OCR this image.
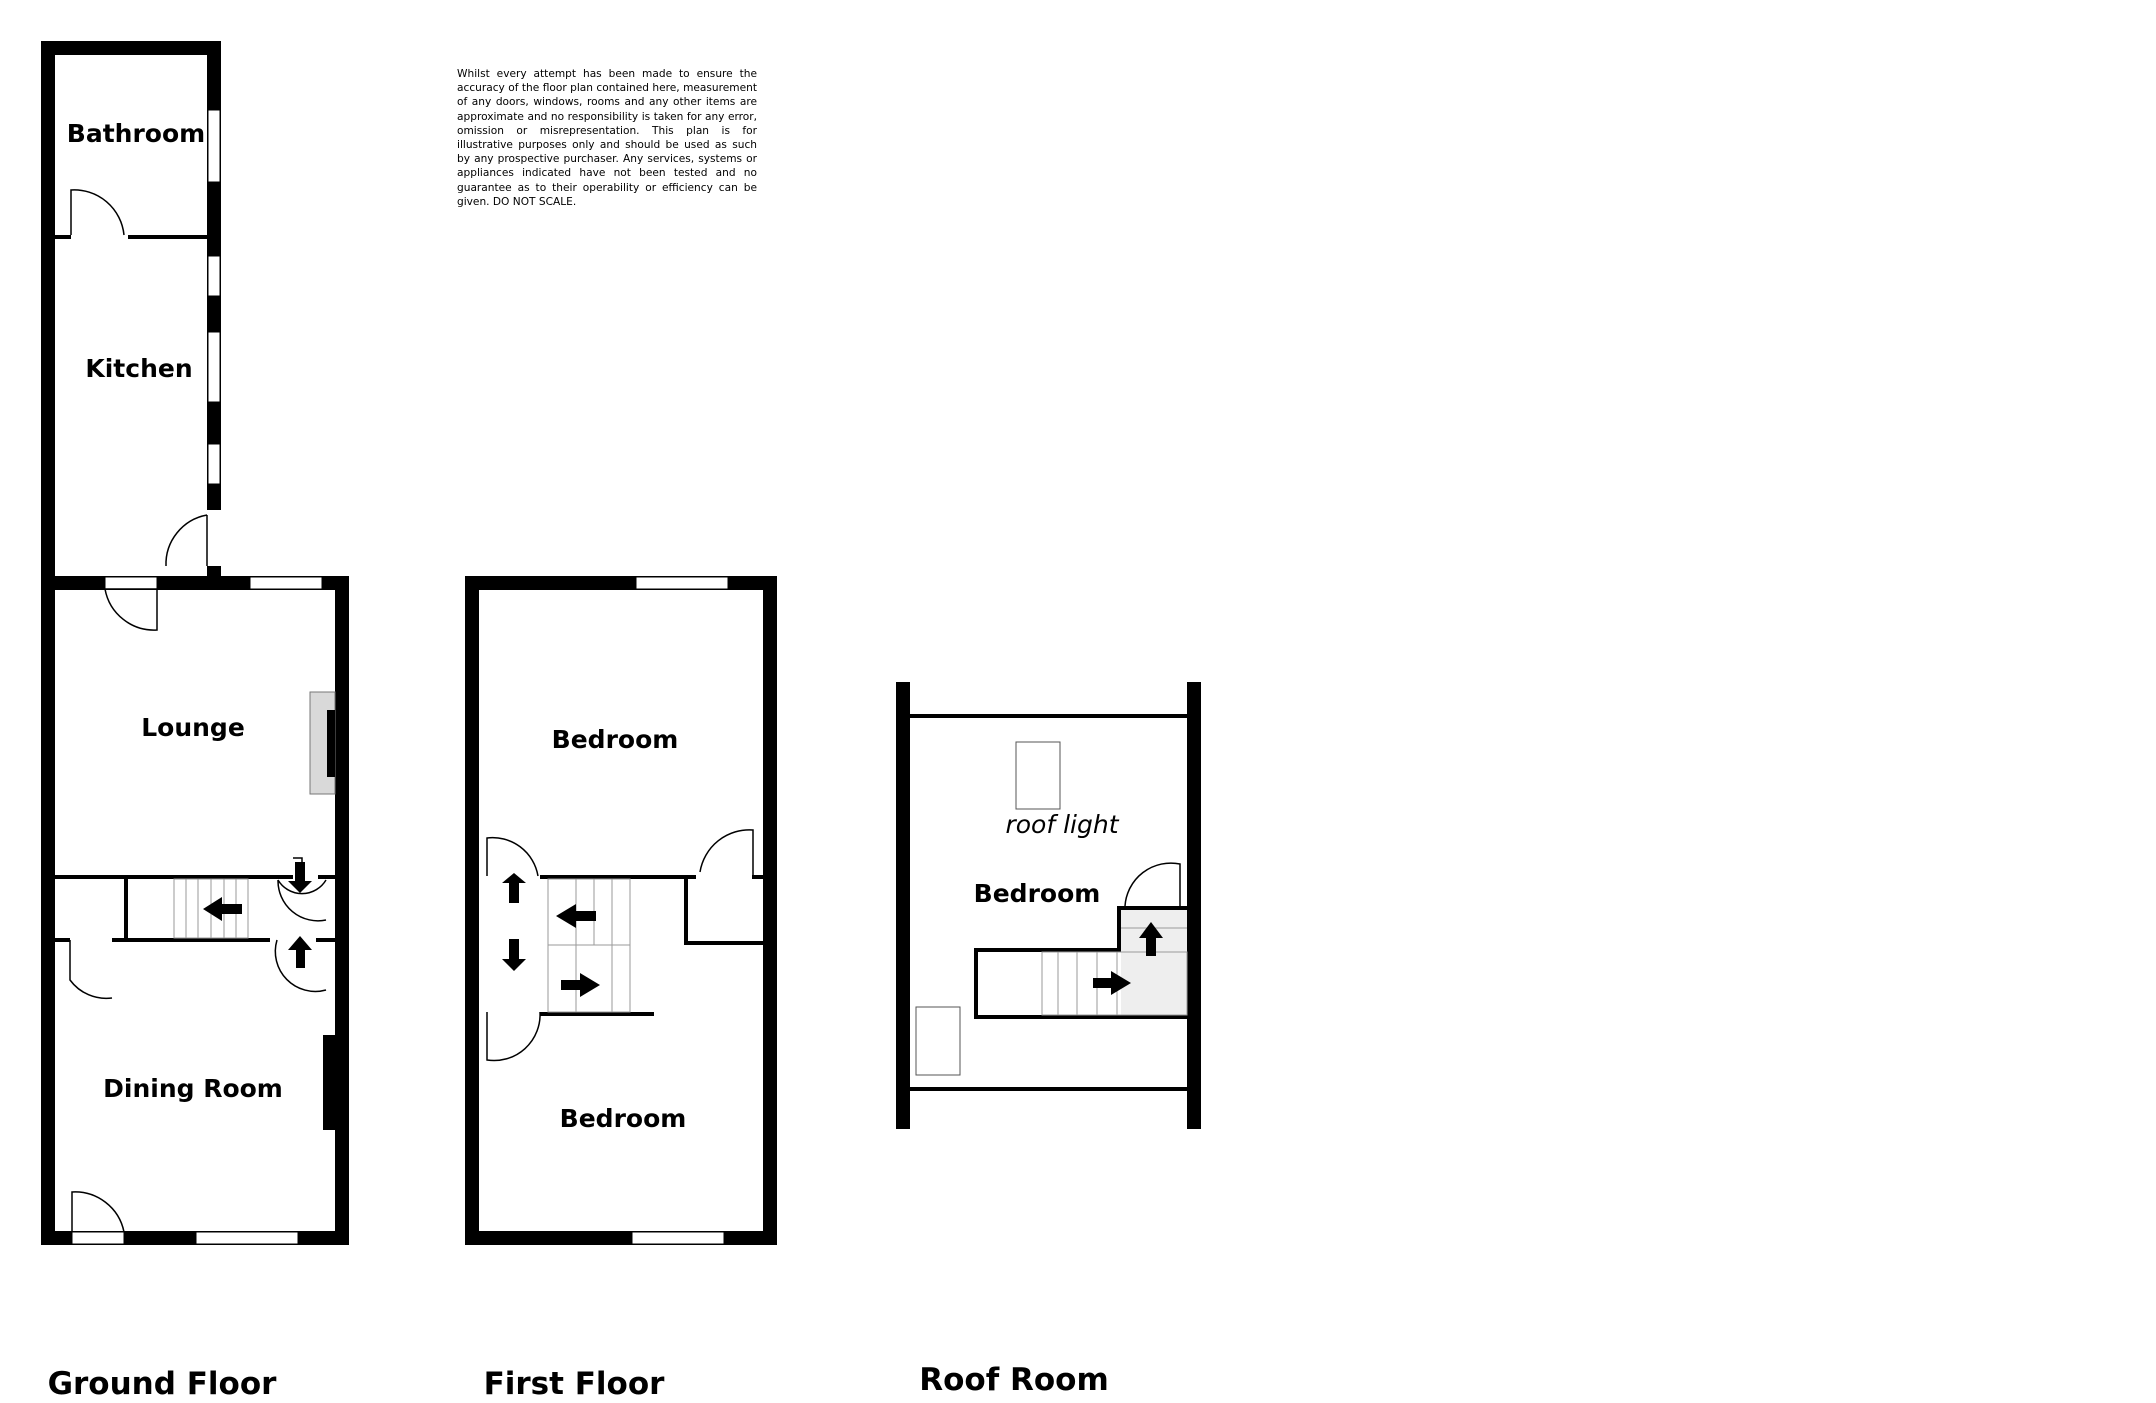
Whilst every attempt has been made to ensure the accuracy of the floor plan contained here, measurement of any doors, windows, rooms and any other items are approximate and no responsibility is taken for any error, omission or misrepresentation. This plan is for illustrative purposes only and should be used as such by any prospective purchaser. Any services, systems or appliances indicated have not been tested and no guarantee as to their operability or efficiency can be given. DO NOT SCALE.

Bathroom
Kitchen
Lounge
Dining Room
Bedroom
Bedroom
roof light
Bedroom
Ground Floor	First Floor	Roof Room
